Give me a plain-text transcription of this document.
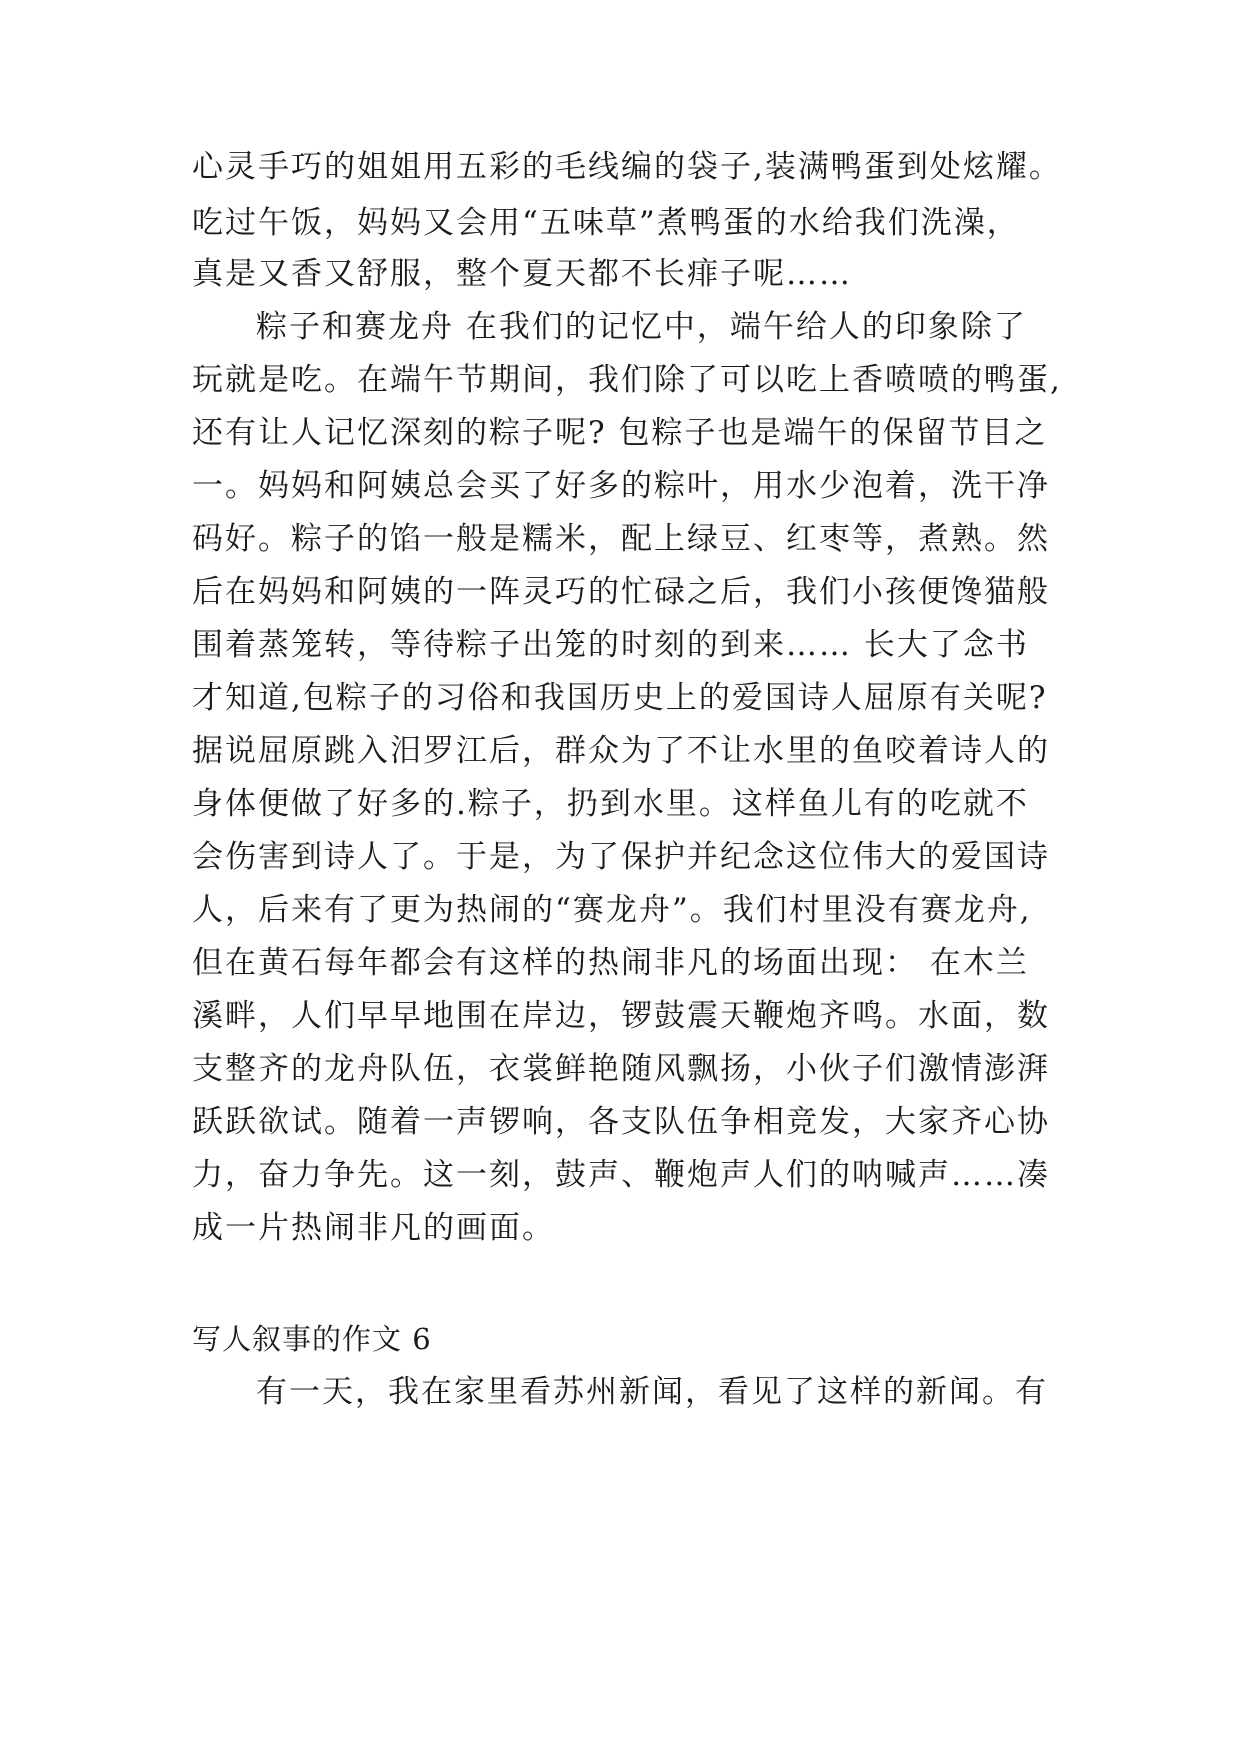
心灵手巧的姐姐用五彩的毛线编的袋子,装满鸭蛋到处炫耀。

吃过午饭，妈妈又会用“五味草”煮鸭蛋的水给我们洗澡，

真是又香又舒服，整个夏天都不长痱子呢……

粽子和赛龙舟 在我们的记忆中，端午给人的印象除了

玩就是吃。在端午节期间，我们除了可以吃上香喷喷的鸭蛋,

还有让人记忆深刻的粽子呢? 包粽子也是端午的保留节目之

一。妈妈和阿姨总会买了好多的粽叶，用水少泡着，洗干净

码好。粽子的馅一般是糯米，配上绿豆、红枣等，煮熟。然

后在妈妈和阿姨的一阵灵巧的忙碌之后，我们小孩便馋猫般

围着蒸笼转，等待粽子出笼的时刻的到来…… 长大了念书

才知道,包粽子的习俗和我国历史上的爱国诗人屈原有关呢?

据说屈原跳入汨罗江后，群众为了不让水里的鱼咬着诗人的

身体便做了好多的.粽子，扔到水里。这样鱼儿有的吃就不

会伤害到诗人了。于是，为了保护并纪念这位伟大的爱国诗

人，后来有了更为热闹的“赛龙舟”。我们村里没有赛龙舟,

但在黄石每年都会有这样的热闹非凡的场面出现： 在木兰

溪畔，人们早早地围在岸边，锣鼓震天鞭炮齐鸣。水面，数

支整齐的龙舟队伍，衣裳鲜艳随风飘扬，小伙子们激情澎湃

跃跃欲试。随着一声锣响，各支队伍争相竞发，大家齐心协

力，奋力争先。这一刻，鼓声、鞭炮声人们的呐喊声……凑

成一片热闹非凡的画面。

写人叙事的作文 6

有一天，我在家里看苏州新闻，看见了这样的新闻。有
